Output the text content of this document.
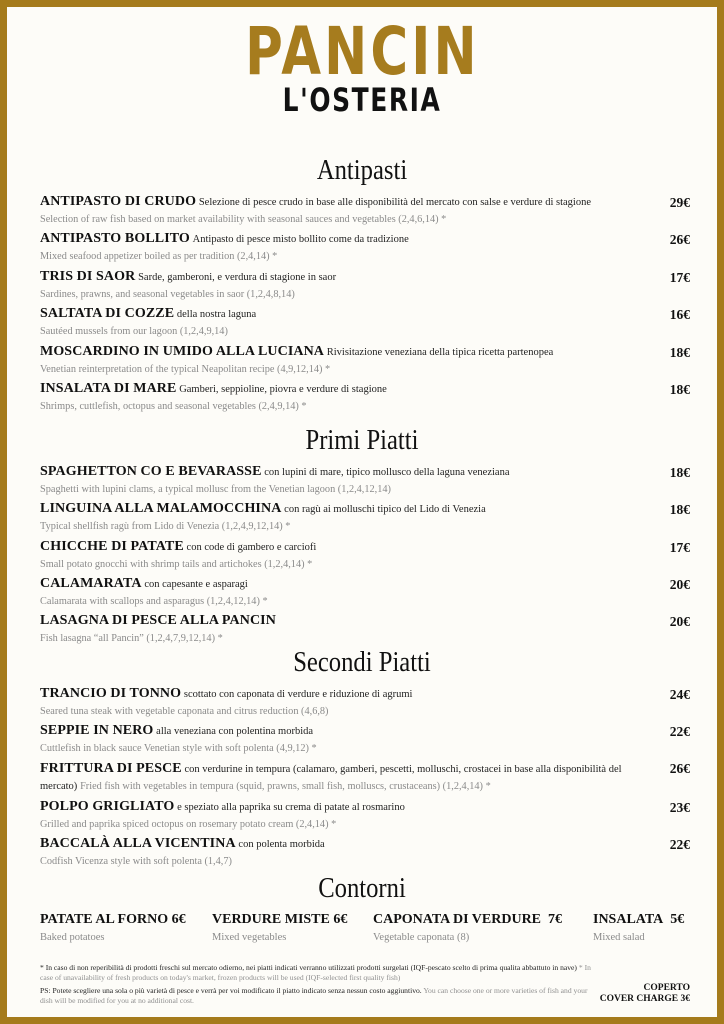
PANCIN
L'OSTERIA
Antipasti
ANTIPASTO DI CRUDO Selezione di pesce crudo in base alle disponibilità del mercato con salse e verdure di stagione
Selection of raw fish based on market availability with seasonal sauces and vegetables (2,4,6,14) *
29€
ANTIPASTO BOLLITO Antipasto di pesce misto bollito come da tradizione
Mixed seafood appetizer boiled as per tradition (2,4,14) *
26€
TRIS DI SAOR Sarde, gamberoni, e verdura di stagione in saor
Sardines, prawns, and seasonal vegetables in saor (1,2,4,8,14)
17€
SALTATA DI COZZE della nostra laguna
Sautéed mussels from our lagoon (1,2,4,9,14)
16€
MOSCARDINO IN UMIDO ALLA LUCIANA Rivisitazione veneziana della tipica ricetta partenopea
Venetian reinterpretation of the typical Neapolitan recipe (4,9,12,14) *
18€
INSALATA DI MARE Gamberi, seppioline, piovra e verdure di stagione
Shrimps, cuttlefish, octopus and seasonal vegetables (2,4,9,14) *
18€
Primi Piatti
SPAGHETTON CO E BEVARASSE con lupini di mare, tipico mollusco della laguna veneziana
Spaghetti with lupini clams, a typical mollusc from the Venetian lagoon (1,2,4,12,14)
18€
LINGUINA ALLA MALAMOCCHINA con ragù ai molluschi tipico del Lido di Venezia
Typical shellfish ragù from Lido di Venezia (1,2,4,9,12,14) *
18€
CHICCHE DI PATATE con code di gambero e carciofi
Small potato gnocchi with shrimp tails and artichokes (1,2,4,14) *
17€
CALAMARATA con capesante e asparagi
Calamarata with scallops and asparagus (1,2,4,12,14) *
20€
LASAGNA DI PESCE ALLA PANCIN
Fish lasagna “all Pancin” (1,2,4,7,9,12,14) *
20€
Secondi Piatti
TRANCIO DI TONNO scottato con caponata di verdure e riduzione di agrumi
Seared tuna steak with vegetable caponata and citrus reduction (4,6,8)
24€
SEPPIE IN NERO alla veneziana con polentina morbida
Cuttlefish in black sauce Venetian style with soft polenta (4,9,12) *
22€
FRITTURA DI PESCE con verdurine in tempura (calamaro, gamberi, pescetti, molluschi, crostacei in base alla disponibilità del mercato) Fried fish with vegetables in tempura (squid, prawns, small fish, molluscs, crustaceans) (1,2,4,14) *
26€
POLPO GRIGLIATO e speziato alla paprika su crema di patate al rosmarino
Grilled and paprika spiced octopus on rosemary potato cream (2,4,14) *
23€
BACCALÀ ALLA VICENTINA con polenta morbida
Codfish Vicenza style with soft polenta (1,4,7)
22€
Contorni
PATATE AL FORNO 6€
Baked potatoes
VERDURE MISTE 6€
Mixed vegetables
CAPONATA DI VERDURE 7€
Vegetable caponata (8)
INSALATA 5€
Mixed salad

* In caso di non reperibilità di prodotti freschi sul mercato odierno, nei piatti indicati verranno utilizzati prodotti surgelati (IQF-pescato scelto di prima qualita abbattuto in nave) * In case of unavailability of fresh products on today's market, frozen products will be used (IQF-selected first quality fish)

PS: Potete scegliere una sola o più varietà di pesce e verrà per voi modificato il piatto indicato senza nessun costo aggiuntivo. You can choose one or more varieties of fish and your dish will be modified for you at no additional cost.

COPERTO
COVER CHARGE 3€
